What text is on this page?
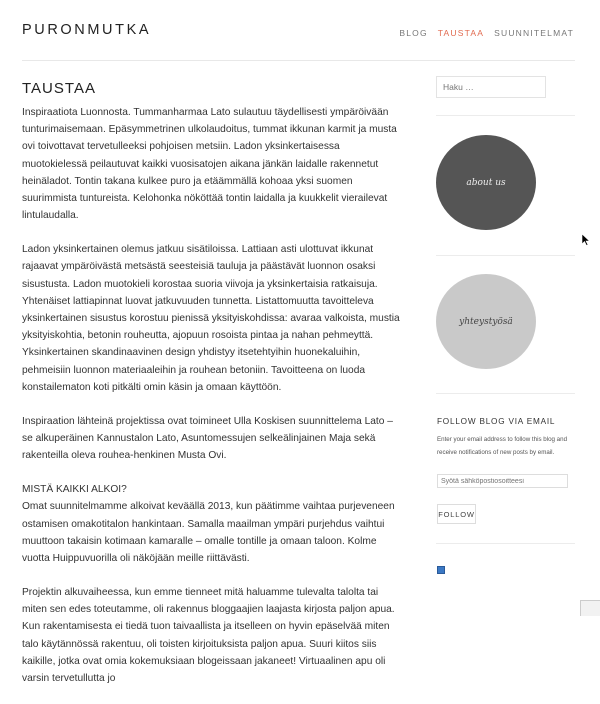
PURONMUTKA	BLOG TAUSTAA SUUNNITELMAT
TAUSTAA

Inspiraatiota Luonnosta. Tummanharmaa Lato sulautuu täydellisesti ympäröivään tunturimaisemaan. Epäsymmetrinen ulkolaudoitus, tummat ikkunan karmit ja musta ovi toivottavat tervetulleeksi pohjoisen metsiin. Ladon yksinkertaisessa muotokielessä peilautuvat kaikki vuosisatojen aikana jänkän laidalle rakennetut heinäladot. Tontin takana kulkee puro ja etäämmällä kohoaa yksi suomen suurimmista tuntureista. Kelohonka nököttää tontin laidalla ja kuukkelit vierailevat lintulaudalla.

Ladon yksinkertainen olemus jatkuu sisätiloissa. Lattiaan asti ulottuvat ikkunat rajaavat ympäröivästä metsästä seesteisiä tauluja ja päästävät luonnon osaksi sisustusta. Ladon muotokieli korostaa suoria viivoja ja yksinkertaisia ratkaisuja. Yhtenäiset lattiapinnat luovat jatkuvuuden tunnetta. Listattomuutta tavoitteleva yksinkertainen sisustus korostuu pienissä yksityiskohdissa: avaraa valkoista, mustia yksityiskohtia, betonin rouheutta, ajopuun rosoista pintaa ja nahan pehmeyttä. Yksinkertainen skandinaavinen design yhdistyy itsetehtyihin huonekaluihin, pehmeisiin luonnon materiaaleihin ja rouhean betoniin. Tavoitteena on luoda konstailematon koti pitkälti omin käsin ja omaan käyttöön.

Inspiraation lähteinä projektissa ovat toimineet Ulla Koskisen suunnittelema Lato – se alkuperäinen Kannustalon Lato, Asuntomessujen selkeälinjainen Maja sekä rakenteilla oleva rouhea-henkinen Musta Ovi.

MISTÄ KAIKKI ALKOI?
Omat suunnitelmamme alkoivat keväällä 2013, kun päätimme vaihtaa purjeveneen ostamisen omakotitalon hankintaan. Samalla maailman ympäri purjehdus vaihtui muuttoon takaisin kotimaan kamaralle – omalle tontille ja omaan taloon. Kolme vuotta Huippuvuorilla oli näköjään meille riittävästi.

Projektin alkuvaiheessa, kun emme tienneet mitä haluamme tulevalta talolta tai miten sen edes toteutamme, oli rakennus bloggaajien laajasta kirjosta paljon apua. Kun rakentamisesta ei tiedä tuon taivaallista ja itselleen on hyvin epäselvää miten talo käytännössä rakentuu, oli toisten kirjoituksista paljon apua. Suuri kiitos siis kaikille, jotka ovat omia kokemuksiaan blogeissaan jakaneet! Virtuaalinen apu oli varsin tervetullutta jo

Haku …
about us
yhteystyösä
FOLLOW BLOG VIA EMAIL
Enter your email address to follow this blog and receive notifications of new posts by email.
Syötä sähköpostiosoitteesi
FOLLOW
